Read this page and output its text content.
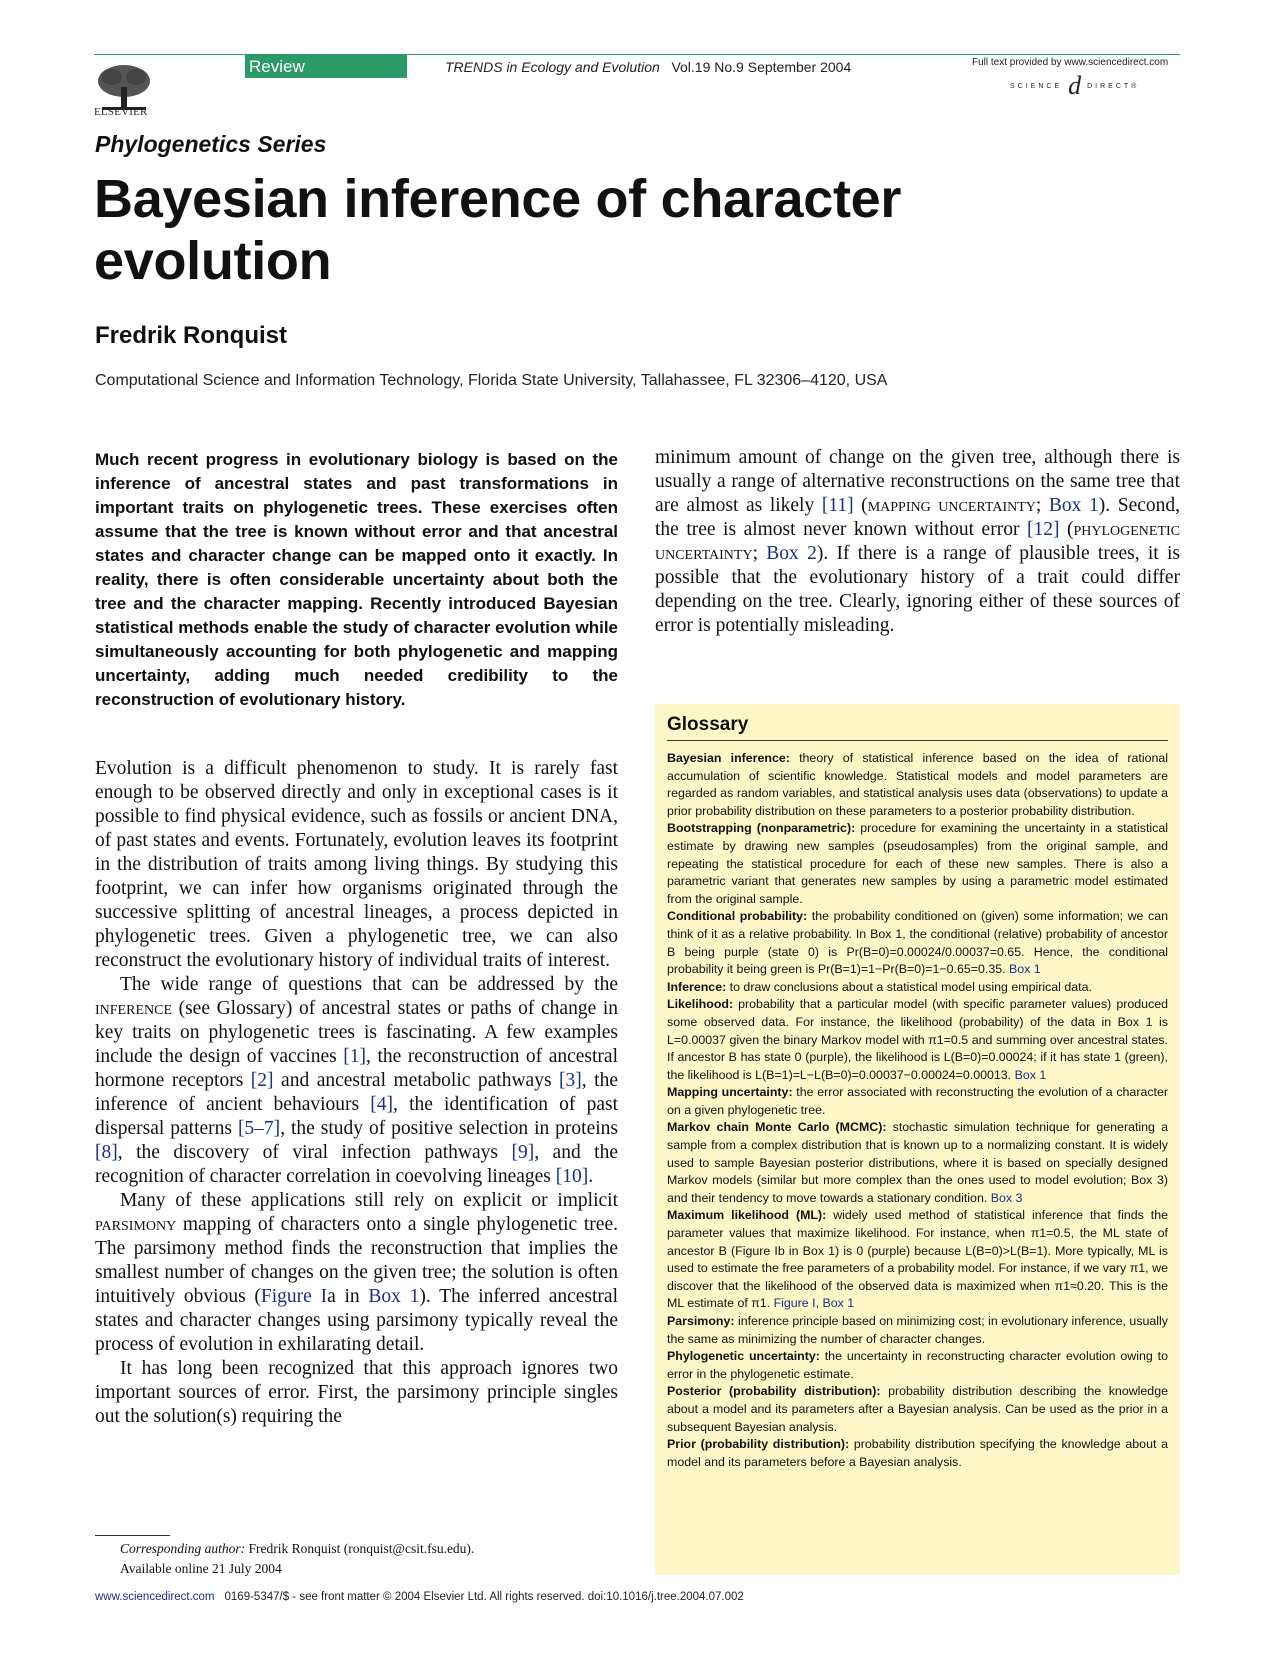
ELSEVIER
Review	TRENDS in Ecology and Evolution Vol.19 No.9 September 2004	Full text provided by www.sciencedirect.com
SCIENCE d DIRECT®
Phylogenetics Series
Bayesian inference of character evolution
Fredrik Ronquist
Computational Science and Information Technology, Florida State University, Tallahassee, FL 32306–4120, USA
Much recent progress in evolutionary biology is based on the inference of ancestral states and past transformations in important traits on phylogenetic trees. These exercises often assume that the tree is known without error and that ancestral states and character change can be mapped onto it exactly. In reality, there is often considerable uncertainty about both the tree and the character mapping. Recently introduced Bayesian statistical methods enable the study of character evolution while simultaneously accounting for both phylogenetic and mapping uncertainty, adding much needed credibility to the reconstruction of evolutionary history.

Evolution is a difficult phenomenon to study. It is rarely fast enough to be observed directly and only in exceptional cases is it possible to find physical evidence, such as fossils or ancient DNA, of past states and events. Fortunately, evolution leaves its footprint in the distribution of traits among living things. By studying this footprint, we can infer how organisms originated through the successive splitting of ancestral lineages, a process depicted in phylogenetic trees. Given a phylogenetic tree, we can also reconstruct the evolutionary history of individual traits of interest.

The wide range of questions that can be addressed by the inference (see Glossary) of ancestral states or paths of change in key traits on phylogenetic trees is fascinating. A few examples include the design of vaccines [1], the reconstruction of ancestral hormone receptors [2] and ancestral metabolic pathways [3], the inference of ancient behaviours [4], the identification of past dispersal patterns [5–7], the study of positive selection in proteins [8], the discovery of viral infection pathways [9], and the recognition of character correlation in coevolving lineages [10].

Many of these applications still rely on explicit or implicit parsimony mapping of characters onto a single phylogenetic tree. The parsimony method finds the reconstruction that implies the smallest number of changes on the given tree; the solution is often intuitively obvious (Figure Ia in Box 1). The inferred ancestral states and character changes using parsimony typically reveal the process of evolution in exhilarating detail.

It has long been recognized that this approach ignores two important sources of error. First, the parsimony principle singles out the solution(s) requiring the

minimum amount of change on the given tree, although there is usually a range of alternative reconstructions on the same tree that are almost as likely [11] (mapping uncertainty; Box 1). Second, the tree is almost never known without error [12] (phylogenetic uncertainty; Box 2). If there is a range of plausible trees, it is possible that the evolutionary history of a trait could differ depending on the tree. Clearly, ignoring either of these sources of error is potentially misleading.

Glossary
Bayesian inference: theory of statistical inference based on the idea of rational accumulation of scientific knowledge. Statistical models and model parameters are regarded as random variables, and statistical analysis uses data (observations) to update a prior probability distribution on these parameters to a posterior probability distribution.
Bootstrapping (nonparametric): procedure for examining the uncertainty in a statistical estimate by drawing new samples (pseudosamples) from the original sample, and repeating the statistical procedure for each of these new samples. There is also a parametric variant that generates new samples by using a parametric model estimated from the original sample.
Conditional probability: the probability conditioned on (given) some information; we can think of it as a relative probability. In Box 1, the conditional (relative) probability of ancestor B being purple (state 0) is Pr(B=0)=0.00024/0.00037=0.65. Hence, the conditional probability it being green is Pr(B=1)=1−Pr(B=0)=1−0.65=0.35. Box 1
Inference: to draw conclusions about a statistical model using empirical data.
Likelihood: probability that a particular model (with specific parameter values) produced some observed data. For instance, the likelihood (probability) of the data in Box 1 is L=0.00037 given the binary Markov model with π1=0.5 and summing over ancestral states. If ancestor B has state 0 (purple), the likelihood is L(B=0)=0.00024; if it has state 1 (green), the likelihood is L(B=1)=L−L(B=0)=0.00037−0.00024=0.00013. Box 1
Mapping uncertainty: the error associated with reconstructing the evolution of a character on a given phylogenetic tree.
Markov chain Monte Carlo (MCMC): stochastic simulation technique for generating a sample from a complex distribution that is known up to a normalizing constant. It is widely used to sample Bayesian posterior distributions, where it is based on specially designed Markov models (similar but more complex than the ones used to model evolution; Box 3) and their tendency to move towards a stationary condition. Box 3
Maximum likelihood (ML): widely used method of statistical inference that finds the parameter values that maximize likelihood. For instance, when π1=0.5, the ML state of ancestor B (Figure Ib in Box 1) is 0 (purple) because L(B=0)>L(B=1). More typically, ML is used to estimate the free parameters of a probability model. For instance, if we vary π1, we discover that the likelihood of the observed data is maximized when π1≈0.20. This is the ML estimate of π1. Figure I, Box 1
Parsimony: inference principle based on minimizing cost; in evolutionary inference, usually the same as minimizing the number of character changes.
Phylogenetic uncertainty: the uncertainty in reconstructing character evolution owing to error in the phylogenetic estimate.
Posterior (probability distribution): probability distribution describing the knowledge about a model and its parameters after a Bayesian analysis. Can be used as the prior in a subsequent Bayesian analysis.
Prior (probability distribution): probability distribution specifying the knowledge about a model and its parameters before a Bayesian analysis.
Corresponding author: Fredrik Ronquist (ronquist@csit.fsu.edu).
Available online 21 July 2004
www.sciencedirect.com 0169-5347/$ - see front matter © 2004 Elsevier Ltd. All rights reserved. doi:10.1016/j.tree.2004.07.002
